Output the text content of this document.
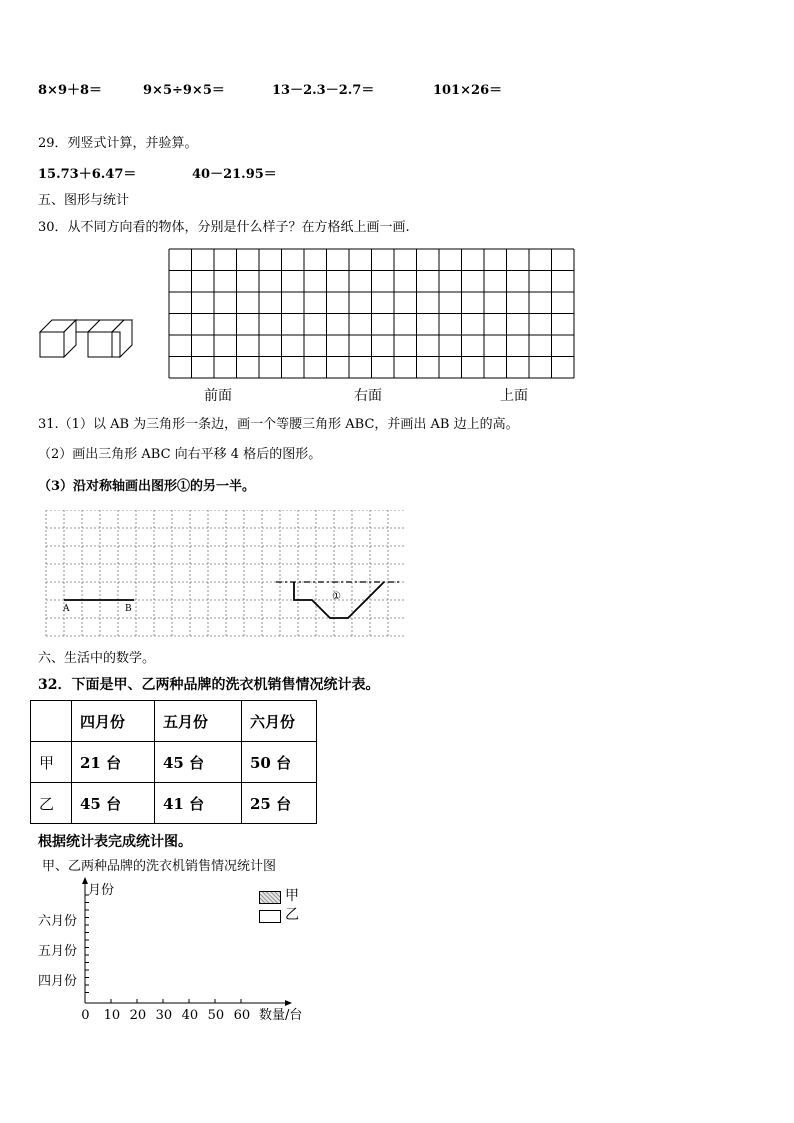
8×9＋8＝	9×5÷9×5＝	13－2.3－2.7＝	101×26＝
29．列竖式计算，并验算。
15.73＋6.47＝	40－21.95＝
五、图形与统计
30．从不同方向看的物体，分别是什么样子？在方格纸上画一画.
前面	右面	上面
31.（1）以 AB 为三角形一条边，画一个等腰三角形 ABC，并画出 AB 边上的高。
（2）画出三角形 ABC 向右平移 4 格后的图形。
（3）沿对称轴画出图形①的另一半。
A	B
①
六、生活中的数学。
32．下面是甲、乙两种品牌的洗衣机销售情况统计表。
	四月份	五月份	六月份
甲	21 台	45 台	50 台
乙	45 台	41 台	25 台
根据统计表完成统计图。
甲、乙两种品牌的洗衣机销售情况统计图
月份
六月份
五月份
四月份
0 10 20 30 40 50 60 数量/台
甲
乙
